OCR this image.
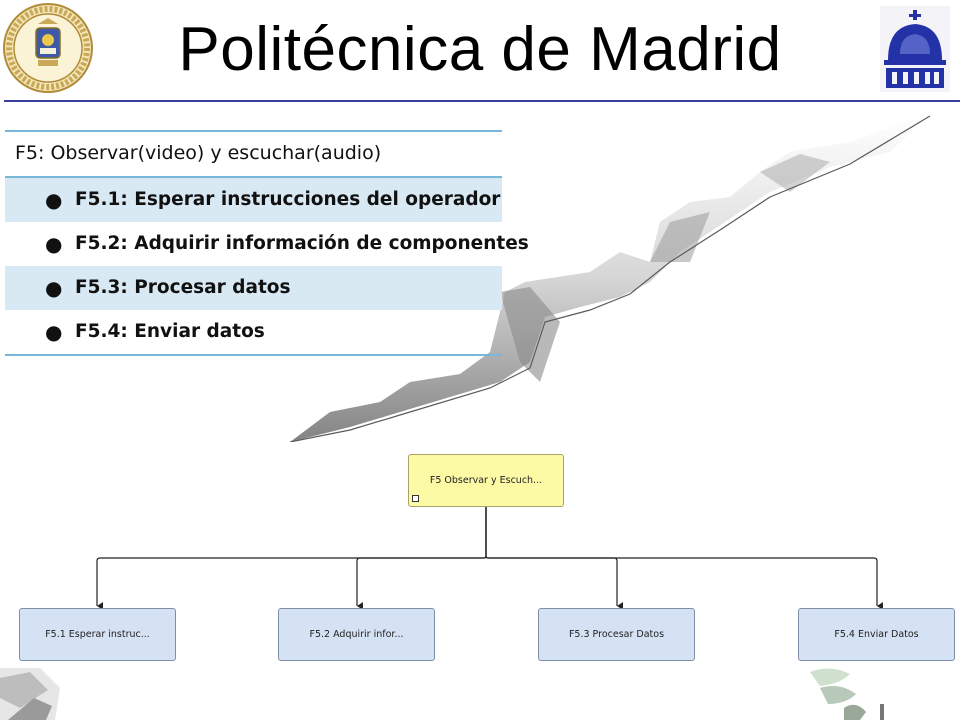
Politécnica de Madrid
F5: Observar(video) y escuchar(audio)
● F5.1: Esperar instrucciones del operador
● F5.2: Adquirir información de componentes
● F5.3: Procesar datos
● F5.4: Enviar datos
F5 Observar y Escuch...
F5.1 Esperar instruc...	F5.2 Adquirir infor...	F5.3 Procesar Datos	F5.4 Enviar Datos
